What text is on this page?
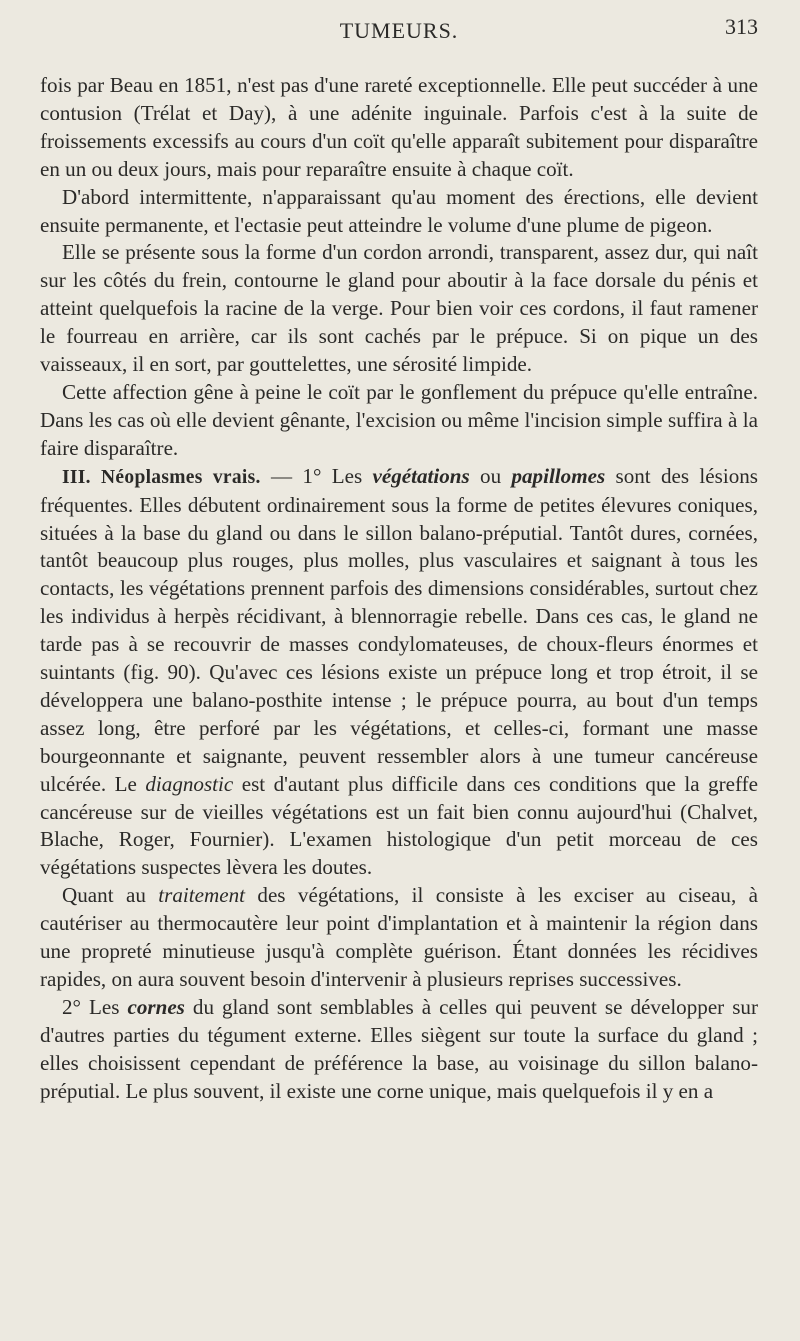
TUMEURS.	313

fois par Beau en 1851, n'est pas d'une rareté exceptionnelle. Elle peut succéder à une contusion (Trélat et Day), à une adénite inguinale. Parfois c'est à la suite de froissements excessifs au cours d'un coït qu'elle apparaît subitement pour disparaître en un ou deux jours, mais pour reparaître ensuite à chaque coït.

D'abord intermittente, n'apparaissant qu'au moment des érections, elle devient ensuite permanente, et l'ectasie peut atteindre le volume d'une plume de pigeon.

Elle se présente sous la forme d'un cordon arrondi, transparent, assez dur, qui naît sur les côtés du frein, contourne le gland pour aboutir à la face dorsale du pénis et atteint quelquefois la racine de la verge. Pour bien voir ces cordons, il faut ramener le fourreau en arrière, car ils sont cachés par le prépuce. Si on pique un des vaisseaux, il en sort, par gouttelettes, une sérosité limpide.

Cette affection gêne à peine le coït par le gonflement du prépuce qu'elle entraîne. Dans les cas où elle devient gênante, l'excision ou même l'incision simple suffira à la faire disparaître.

III. Néoplasmes vrais. — 1° Les végétations ou papillomes sont des lésions fréquentes. Elles débutent ordinairement sous la forme de petites élevures coniques, situées à la base du gland ou dans le sillon balano-préputial. Tantôt dures, cornées, tantôt beaucoup plus rouges, plus molles, plus vasculaires et saignant à tous les contacts, les végétations prennent parfois des dimensions considérables, surtout chez les individus à herpès récidivant, à blennorragie rebelle. Dans ces cas, le gland ne tarde pas à se recouvrir de masses condylomateuses, de choux-fleurs énormes et suintants (fig. 90). Qu'avec ces lésions existe un prépuce long et trop étroit, il se développera une balano-posthite intense ; le prépuce pourra, au bout d'un temps assez long, être perforé par les végétations, et celles-ci, formant une masse bourgeonnante et saignante, peuvent ressembler alors à une tumeur cancéreuse ulcérée. Le diagnostic est d'autant plus difficile dans ces conditions que la greffe cancéreuse sur de vieilles végétations est un fait bien connu aujourd'hui (Chalvet, Blache, Roger, Fournier). L'examen histologique d'un petit morceau de ces végétations suspectes lèvera les doutes.

Quant au traitement des végétations, il consiste à les exciser au ciseau, à cautériser au thermocautère leur point d'implantation et à maintenir la région dans une propreté minutieuse jusqu'à complète guérison. Étant données les récidives rapides, on aura souvent besoin d'intervenir à plusieurs reprises successives.

2° Les cornes du gland sont semblables à celles qui peuvent se développer sur d'autres parties du tégument externe. Elles siègent sur toute la surface du gland ; elles choisissent cependant de préférence la base, au voisinage du sillon balano-préputial. Le plus souvent, il existe une corne unique, mais quelquefois il y en a
